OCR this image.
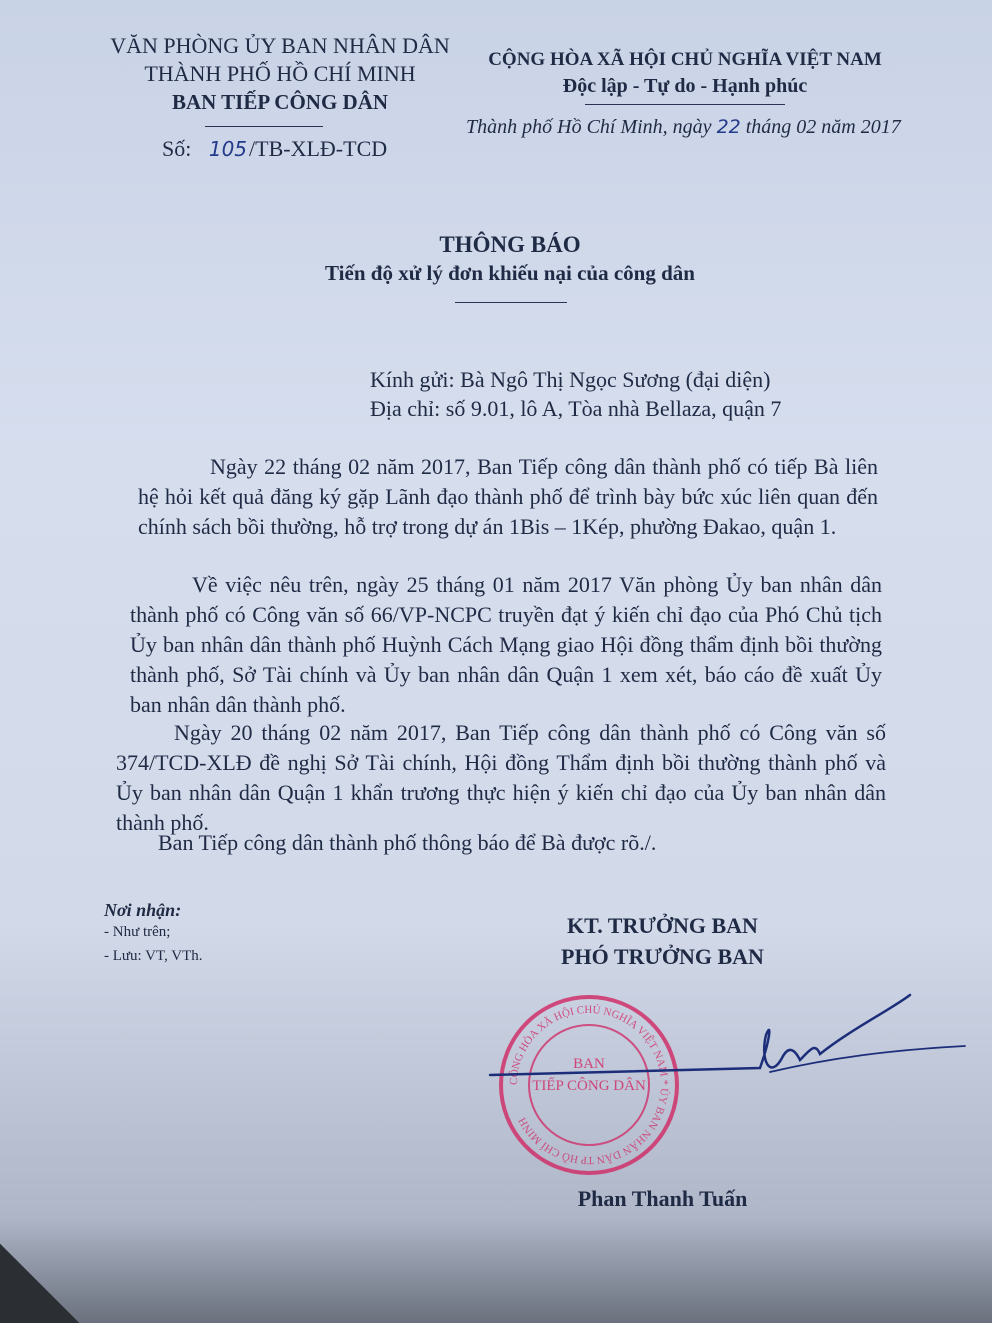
VĂN PHÒNG ỦY BAN NHÂN DÂN
THÀNH PHỐ HỒ CHÍ MINH
BAN TIẾP CÔNG DÂN
Số: 105/TB-XLĐ-TCD
CỘNG HÒA XÃ HỘI CHỦ NGHĨA VIỆT NAM
Độc lập - Tự do - Hạnh phúc
Thành phố Hồ Chí Minh, ngày 22 tháng 02 năm 2017
THÔNG BÁO
Tiến độ xử lý đơn khiếu nại của công dân
Kính gửi: Bà Ngô Thị Ngọc Sương (đại diện)
Địa chỉ: số 9.01, lô A, Tòa nhà Bellaza, quận 7
Ngày 22 tháng 02 năm 2017, Ban Tiếp công dân thành phố có tiếp Bà liên hệ hỏi kết quả đăng ký gặp Lãnh đạo thành phố để trình bày bức xúc liên quan đến chính sách bồi thường, hỗ trợ trong dự án 1Bis – 1Kép, phường Đakao, quận 1.
Về việc nêu trên, ngày 25 tháng 01 năm 2017 Văn phòng Ủy ban nhân dân thành phố có Công văn số 66/VP-NCPC truyền đạt ý kiến chỉ đạo của Phó Chủ tịch Ủy ban nhân dân thành phố Huỳnh Cách Mạng giao Hội đồng thẩm định bồi thường thành phố, Sở Tài chính và Ủy ban nhân dân Quận 1 xem xét, báo cáo đề xuất Ủy ban nhân dân thành phố.
Ngày 20 tháng 02 năm 2017, Ban Tiếp công dân thành phố có Công văn số 374/TCD-XLĐ đề nghị Sở Tài chính, Hội đồng Thẩm định bồi thường thành phố và Ủy ban nhân dân Quận 1 khẩn trương thực hiện ý kiến chỉ đạo của Ủy ban nhân dân thành phố.
Ban Tiếp công dân thành phố thông báo để Bà được rõ./.
Nơi nhận:
- Như trên;
- Lưu: VT, VTh.
KT. TRƯỞNG BAN
PHÓ TRƯỞNG BAN
CỘNG HÒA XÃ HỘI CHỦ NGHĨA VIỆT NAM * ỦY BAN NHÂN DÂN TP HỒ CHÍ MINH
BAN
TIẾP CÔNG DÂN
Phan Thanh Tuấn
